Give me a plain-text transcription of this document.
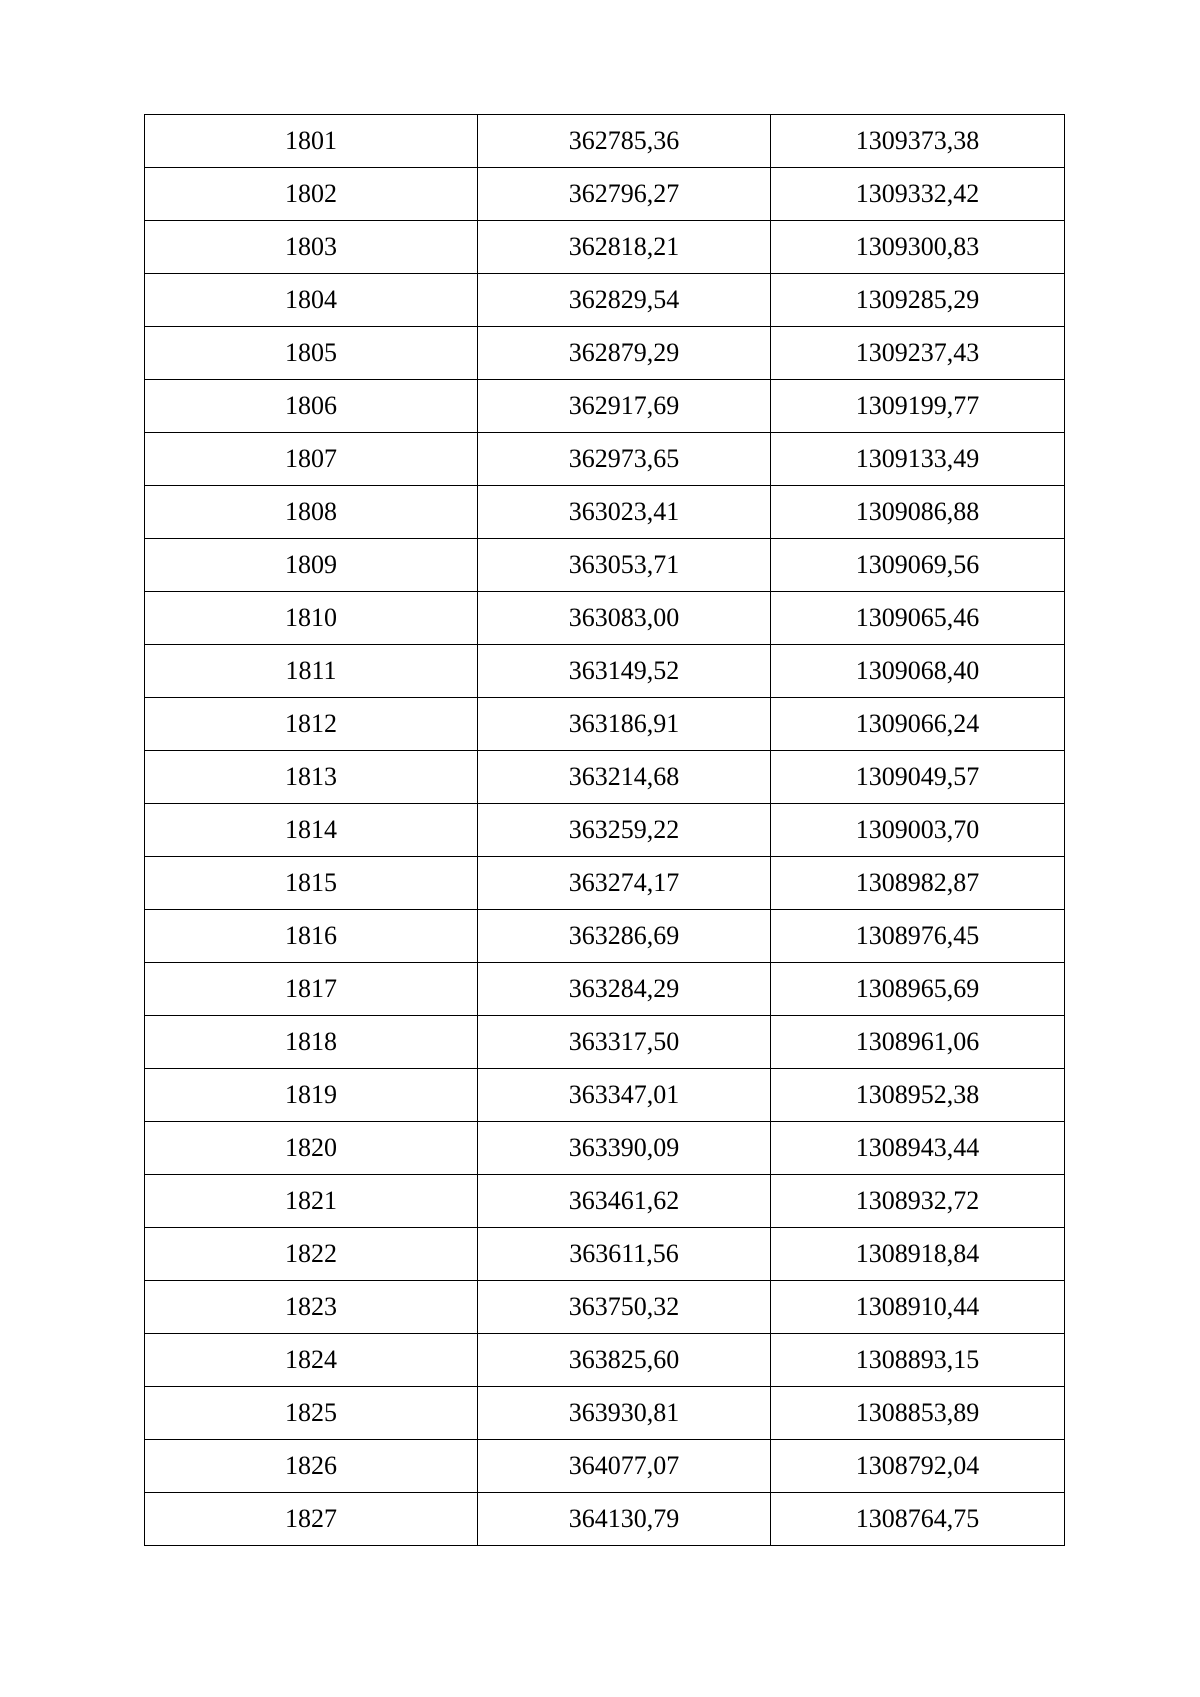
1801	362785,36	1309373,38
1802	362796,27	1309332,42
1803	362818,21	1309300,83
1804	362829,54	1309285,29
1805	362879,29	1309237,43
1806	362917,69	1309199,77
1807	362973,65	1309133,49
1808	363023,41	1309086,88
1809	363053,71	1309069,56
1810	363083,00	1309065,46
1811	363149,52	1309068,40
1812	363186,91	1309066,24
1813	363214,68	1309049,57
1814	363259,22	1309003,70
1815	363274,17	1308982,87
1816	363286,69	1308976,45
1817	363284,29	1308965,69
1818	363317,50	1308961,06
1819	363347,01	1308952,38
1820	363390,09	1308943,44
1821	363461,62	1308932,72
1822	363611,56	1308918,84
1823	363750,32	1308910,44
1824	363825,60	1308893,15
1825	363930,81	1308853,89
1826	364077,07	1308792,04
1827	364130,79	1308764,75
